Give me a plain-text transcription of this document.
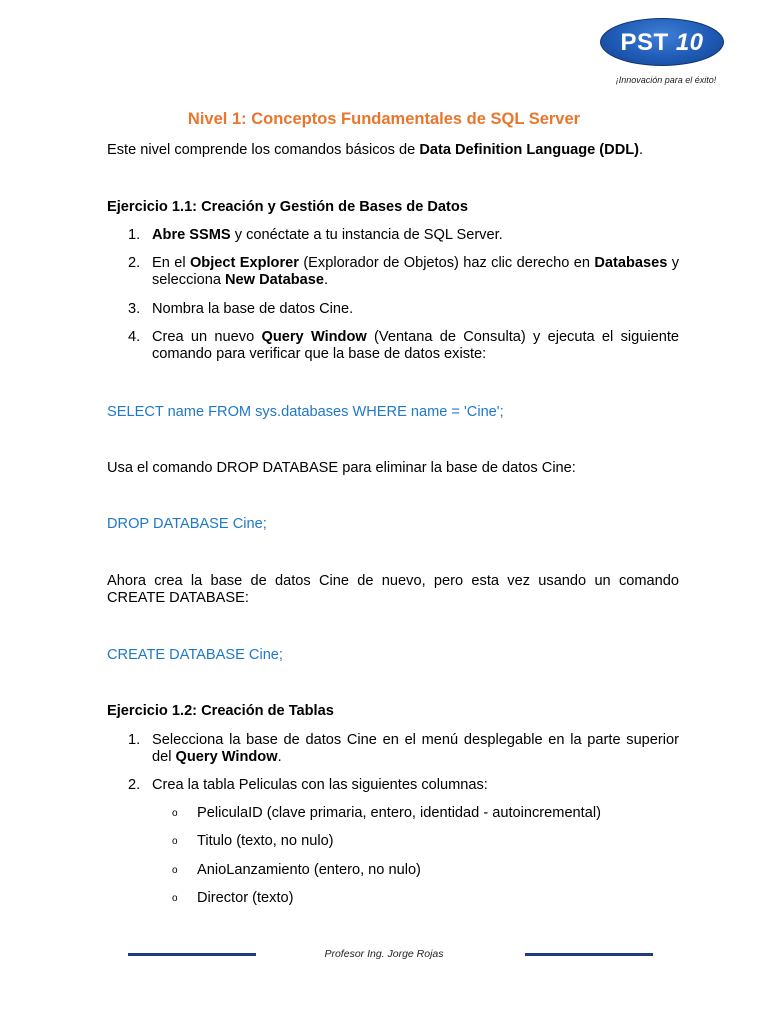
PST 10
¡Innovación para el éxito!
Nivel 1: Conceptos Fundamentales de SQL Server
Este nivel comprende los comandos básicos de Data Definition Language (DDL).
Ejercicio 1.1: Creación y Gestión de Bases de Datos
1. Abre SSMS y conéctate a tu instancia de SQL Server.
2. En el Object Explorer (Explorador de Objetos) haz clic derecho en Databases y selecciona New Database.
3. Nombra la base de datos Cine.
4. Crea un nuevo Query Window (Ventana de Consulta) y ejecuta el siguiente comando para verificar que la base de datos existe:
SELECT name FROM sys.databases WHERE name = 'Cine';
Usa el comando DROP DATABASE para eliminar la base de datos Cine:
DROP DATABASE Cine;
Ahora crea la base de datos Cine de nuevo, pero esta vez usando un comando CREATE DATABASE:
CREATE DATABASE Cine;
Ejercicio 1.2: Creación de Tablas
1. Selecciona la base de datos Cine en el menú desplegable en la parte superior del Query Window.
2. Crea la tabla Peliculas con las siguientes columnas:
o PeliculaID (clave primaria, entero, identidad - autoincremental)
o Titulo (texto, no nulo)
o AnioLanzamiento (entero, no nulo)
o Director (texto)
Profesor Ing. Jorge Rojas
